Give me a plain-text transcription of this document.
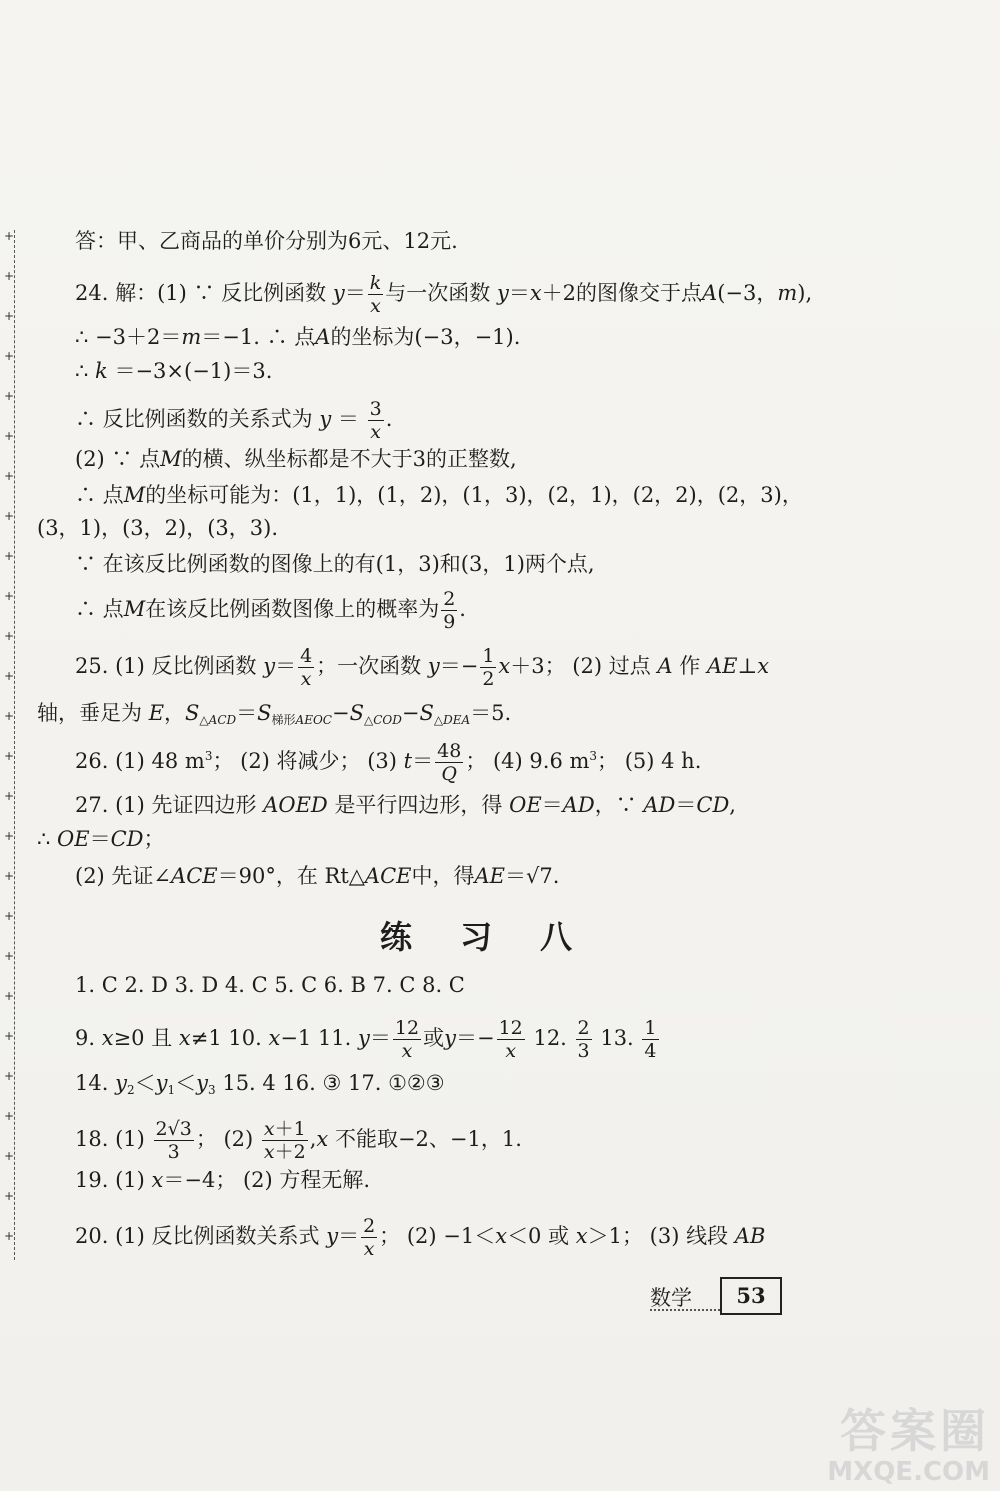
+
+
+
+
+
+
+
+
+
+
+
+
+
+
+
+
+
+
+
+
+
+
+
+
+
+
答：甲、乙商品的单价分别为6元、12元.
24. 解：(1) ∵ 反比例函数 $y= \frac{k}{x}$ 与一次函数 y＝x＋2的图像交于点A(−3，m),
∴ −3＋2＝m＝−1. ∴ 点A的坐标为(−3，−1).
∴ k ＝−3×(−1)＝3.
∴ 反比例函数的关系式为 $y = \frac{3}{x}$ .
(2) ∵ 点M的横、纵坐标都是不大于3的正整数,
∴ 点M的坐标可能为：(1，1)，(1，2)，(1，3)，(2，1)，(2，2)，(2，3)，
(3，1)，(3，2)，(3，3).
∵ 在该反比例函数的图像上的有(1，3)和(3，1)两个点,
∴ 点M在该反比例函数图像上的概率为 $\frac{2}{9}$ .
25. (1) 反比例函数 $y= \frac{4}{x}$ ；一次函数 $y=- \frac{1}{2} x+3$； (2) 过点 A 作 AE⊥x
轴，垂足为 E，$S_{\triangle ACD}=S_{梯形AEOC}-S_{\triangle COD}-S_{\triangle DEA}=5$.
26. (1) 48 $m^3$； (2) 将减少； (3) $t= \frac{48}{Q}$ ； (4) 9.6 $m^3$； (5) 4 h.
27. (1) 先证四边形 AOED 是平行四边形，得 OE＝AD，∵ AD＝CD,
∴ OE＝CD；
(2) 先证∠ACE＝90°，在 Rt△ACE中，得AE＝√7.
练习八
1. C 2. D 3. D 4. C 5. C 6. B 7. C 8. C
9. x≥0 且 x≠1 10. x−1 11. $y= \frac{12}{x}$ 或$y=- \frac{12}{x} 12$. $\frac{2}{3} 13$. $\frac{1}{4}$
14. $y_2<y_1<y_3$ 15. 4 16. ③ 17. ①②③
18. $(1) \frac{2√3}{3}$ ； $(2) \frac{x+1}{x+2} ,x$ 不能取−2、−1，1.
19. (1) x＝−4； (2) 方程无解.
20. (1) 反比例函数关系式 $y= \frac{2}{x}$ ； (2) −1＜x＜0 或 x＞1； (3) 线段 AB
数学	53
答案圈
MXQE.COM
